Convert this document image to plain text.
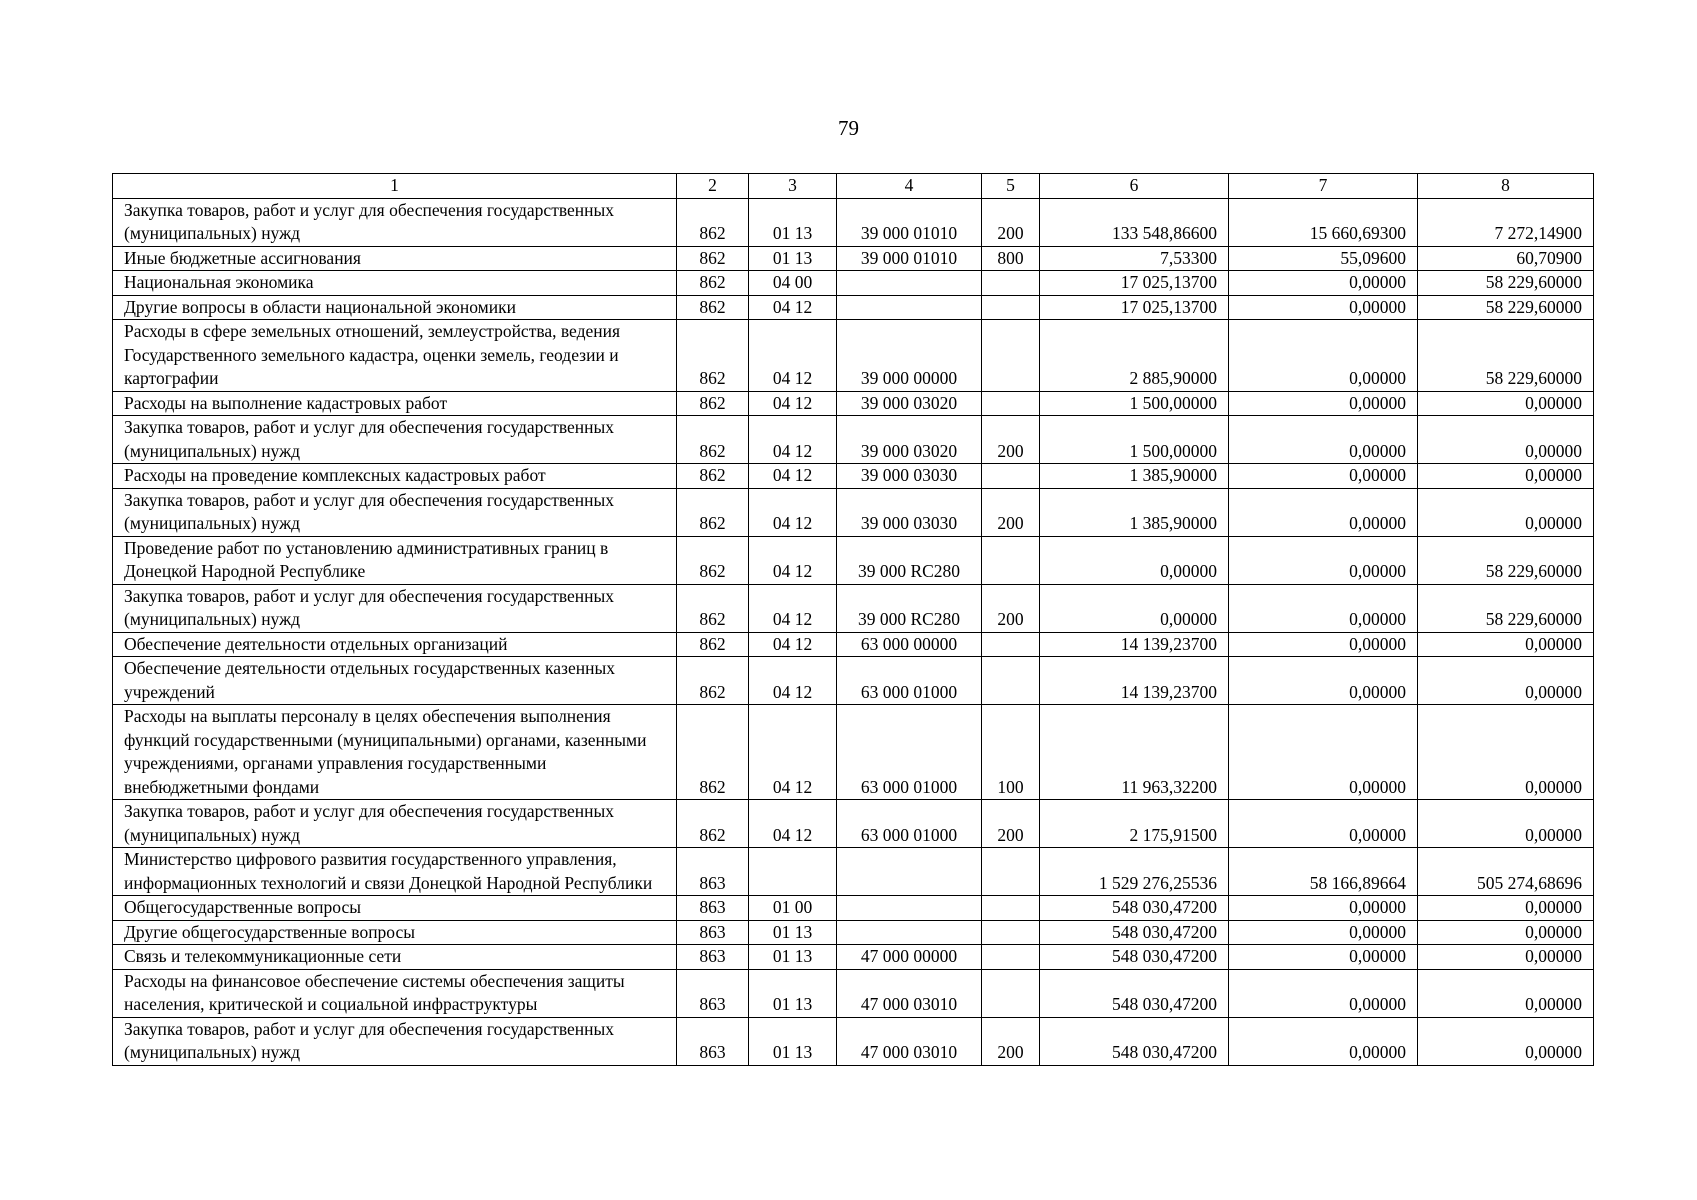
79
1	2	3	4	5	6	7	8
Закупка товаров, работ и услуг для обеспечения государственных (муниципальных) нужд	862	01 13	39 000 01010	200	133 548,86600	15 660,69300	7 272,14900
Иные бюджетные ассигнования	862	01 13	39 000 01010	800	7,53300	55,09600	60,70900
Национальная экономика	862	04 00			17 025,13700	0,00000	58 229,60000
Другие вопросы в области национальной экономики	862	04 12			17 025,13700	0,00000	58 229,60000
Расходы в сфере земельных отношений, землеустройства, ведения Государственного земельного кадастра, оценки земель, геодезии и картографии	862	04 12	39 000 00000		2 885,90000	0,00000	58 229,60000
Расходы на выполнение кадастровых работ	862	04 12	39 000 03020		1 500,00000	0,00000	0,00000
Закупка товаров, работ и услуг для обеспечения государственных (муниципальных) нужд	862	04 12	39 000 03020	200	1 500,00000	0,00000	0,00000
Расходы на проведение комплексных кадастровых работ	862	04 12	39 000 03030		1 385,90000	0,00000	0,00000
Закупка товаров, работ и услуг для обеспечения государственных (муниципальных) нужд	862	04 12	39 000 03030	200	1 385,90000	0,00000	0,00000
Проведение работ по установлению административных границ в Донецкой Народной Республике	862	04 12	39 000 RC280		0,00000	0,00000	58 229,60000
Закупка товаров, работ и услуг для обеспечения государственных (муниципальных) нужд	862	04 12	39 000 RC280	200	0,00000	0,00000	58 229,60000
Обеспечение деятельности отдельных организаций	862	04 12	63 000 00000		14 139,23700	0,00000	0,00000
Обеспечение деятельности отдельных государственных казенных учреждений	862	04 12	63 000 01000		14 139,23700	0,00000	0,00000
Расходы на выплаты персоналу в целях обеспечения выполнения функций государственными (муниципальными) органами, казенными учреждениями, органами управления государственными внебюджетными фондами	862	04 12	63 000 01000	100	11 963,32200	0,00000	0,00000
Закупка товаров, работ и услуг для обеспечения государственных (муниципальных) нужд	862	04 12	63 000 01000	200	2 175,91500	0,00000	0,00000
Министерство цифрового развития государственного управления, информационных технологий и связи Донецкой Народной Республики	863				1 529 276,25536	58 166,89664	505 274,68696
Общегосударственные вопросы	863	01 00			548 030,47200	0,00000	0,00000
Другие общегосударственные вопросы	863	01 13			548 030,47200	0,00000	0,00000
Связь и телекоммуникационные сети	863	01 13	47 000 00000		548 030,47200	0,00000	0,00000
Расходы на финансовое обеспечение системы обеспечения защиты населения, критической и социальной инфраструктуры	863	01 13	47 000 03010		548 030,47200	0,00000	0,00000
Закупка товаров, работ и услуг для обеспечения государственных (муниципальных) нужд	863	01 13	47 000 03010	200	548 030,47200	0,00000	0,00000
